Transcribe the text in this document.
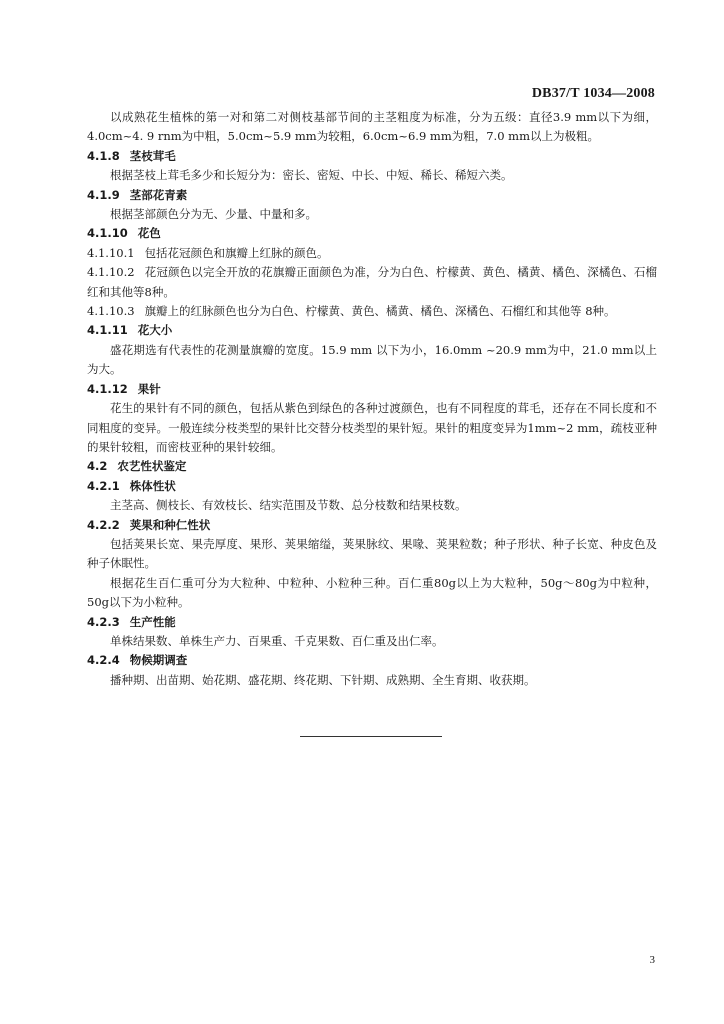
DB37/T 1034—2008

以成熟花生植株的第一对和第二对侧枝基部节间的主茎粗度为标准，分为五级：直径3.9 mm以下为细，4.0cm~4. 9 rnm为中粗，5.0cm~5.9 mm为较粗，6.0cm~6.9 mm为粗，7.0 mm以上为极粗。

4.1.8 茎枝茸毛

根据茎枝上茸毛多少和长短分为：密长、密短、中长、中短、稀长、稀短六类。

4.1.9 茎部花青素

根据茎部颜色分为无、少量、中量和多。

4.1.10 花色

4.1.10.1 包括花冠颜色和旗瓣上红脉的颜色。

4.1.10.2 花冠颜色以完全开放的花旗瓣正面颜色为准，分为白色、柠檬黄、黄色、橘黄、橘色、深橘色、石榴红和其他等8种。

4.1.10.3 旗瓣上的红脉颜色也分为白色、柠檬黄、黄色、橘黄、橘色、深橘色、石榴红和其他等 8种。

4.1.11 花大小

盛花期选有代表性的花测量旗瓣的宽度。15.9 mm 以下为小，16.0mm ~20.9 mm为中，21.0 mm以上为大。

4.1.12 果针

花生的果针有不同的颜色，包括从紫色到绿色的各种过渡颜色，也有不同程度的茸毛，还存在不同长度和不同粗度的变异。一般连续分枝类型的果针比交替分枝类型的果针短。果针的粗度变异为1mm~2 mm，疏枝亚种的果针较粗，而密枝亚种的果针较细。

4.2 农艺性状鉴定

4.2.1 株体性状

主茎高、侧枝长、有效枝长、结实范围及节数、总分枝数和结果枝数。

4.2.2 荚果和种仁性状

包括荚果长宽、果壳厚度、果形、荚果缩缢，荚果脉纹、果喙、荚果粒数；种子形状、种子长宽、种皮色及种子休眠性。

根据花生百仁重可分为大粒种、中粒种、小粒种三种。百仁重80g以上为大粒种，50g～80g为中粒种，50g以下为小粒种。

4.2.3 生产性能

单株结果数、单株生产力、百果重、千克果数、百仁重及出仁率。

4.2.4 物候期调查

播种期、出苗期、始花期、盛花期、终花期、下针期、成熟期、全生育期、收获期。

3
